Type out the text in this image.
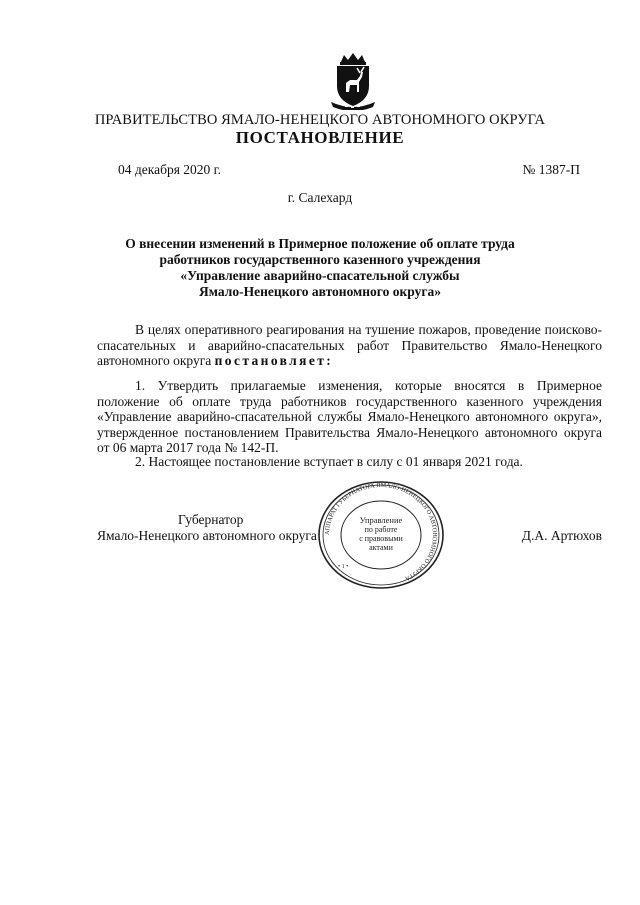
ПРАВИТЕЛЬСТВО ЯМАЛО-НЕНЕЦКОГО АВТОНОМНОГО ОКРУГА
ПОСТАНОВЛЕНИЕ
04 декабря 2020 г.	№ 1387-П
г. Салехард
О внесении изменений в Примерное положение об оплате труда
работников государственного казенного учреждения
«Управление аварийно-спасательной службы
Ямало-Ненецкого автономного округа»
В целях оперативного реагирования на тушение пожаров, проведение поисково-спасательных и аварийно-спасательных работ Правительство Ямало-Ненецкого автономного округа постановляет:
1. Утвердить прилагаемые изменения, которые вносятся в Примерное положение об оплате труда работников государственного казенного учреждения «Управление аварийно-спасательной службы Ямало-Ненецкого автономного округа», утвержденное постановлением Правительства Ямало-Ненецкого автономного округа от 06 марта 2017 года № 142-П.
2. Настоящее постановление вступает в силу с 01 января 2021 года.
Губернатор
Ямало-Ненецкого автономного округа	Д.А. Артюхов
АППАРАТ ГУБЕРНАТОРА ЯМАЛО-НЕНЕЦКОГО АВТОНОМНОГО ОКРУГА
Управление
по работе
с правовыми
актами
• 1 •
